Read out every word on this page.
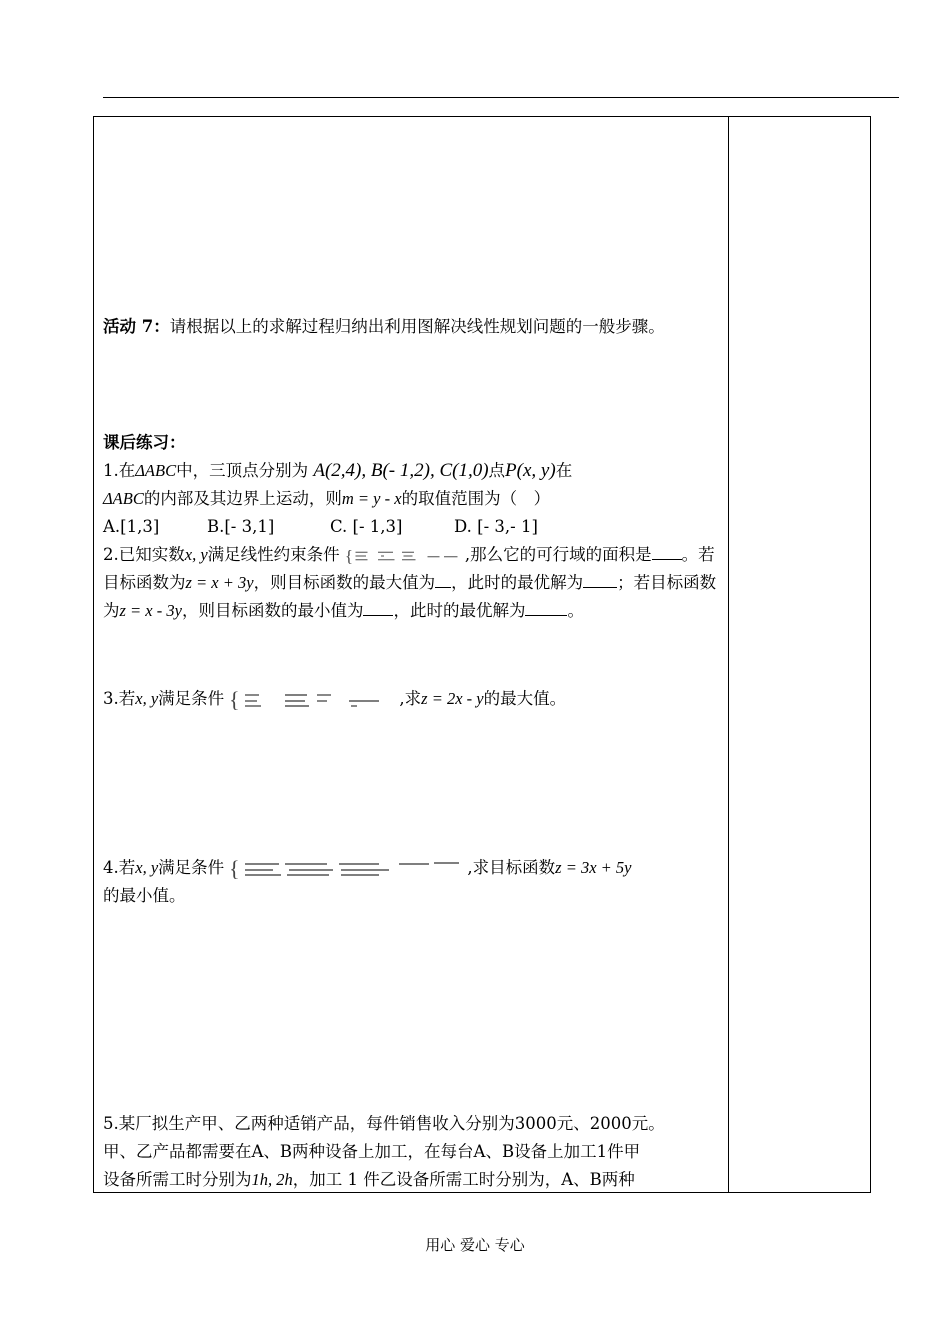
活动 7：请根据以上的求解过程归纳出利用图解决线性规划问题的一般步骤。
课后练习：
1.在ΔABC中，三顶点分别为 A(2,4), B(- 1,2), C(1,0)点P(x, y)在
ΔABC的内部及其边界上运动，则m = y - x的取值范围为（　）

A.[1,3]	B.[- 3,1]	C. [- 1,3]	D. [- 3,- 1]
2.已知实数x, y满足线性约束条件 {	,那么它的可行域的面积是 。若目标函数为z = x + 3y，则目标函数的最大值为 ，此时的最优解为 ；若目标函数为z = x - 3y，则目标函数的最小值为 ，此时的最优解为	。
3.若x, y满足条件 {	,求z = 2x - y的最大值。
4.若x, y满足条件 {	,求目标函数z = 3x + 5y
的最小值。
5.某厂拟生产甲、乙两种适销产品，每件销售收入分别为3000元、2000元。
甲、乙产品都需要在A、B两种设备上加工，在每台A、B设备上加工1件甲
设备所需工时分别为1h, 2h，加工 1 件乙设备所需工时分别为，A、B两种
用心 爱心 专心
